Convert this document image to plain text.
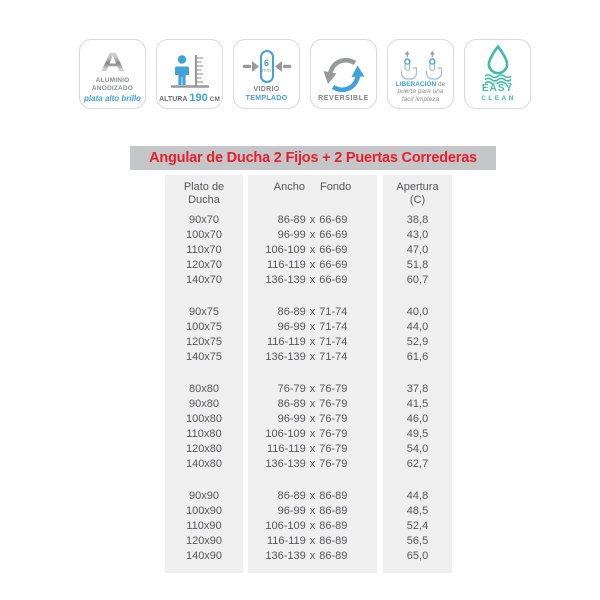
A
ALUMINIO
ANODIZADO
plata alto brillo	ALTURA 190 CM
6
mm
VIDRIO
TEMPLADO	REVERSIBLE
LIBERACIÓN de
puerta para una
fácil limpieza
EASY
CLEAN
Angular de Ducha 2 Fijos + 2 Puertas Correderas
Plato de
Ducha
Ancho Fondo	Apertura
(C)
90x70	86-89 x 66-69	38,8
100x70	96-99 x 66-69	43,0
110x70	106-109 x 66-69	47,0
120x70	116-119 x 66-69	51,8
140x70	136-139 x 66-69	60,7
90x75	86-89 x 71-74	40,0
100x75	96-99 x 71-74	44,0
120x75	116-119 x 71-74	52,9
140x75	136-139 x 71-74	61,6
80x80	76-79 x 76-79	37,8
90x80	86-89 x 76-79	41,5
100x80	96-99 x 76-79	46,0
110x80	106-109 x 76-79	49,5
120x80	116-119 x 76-79	54,0
140x80	136-139 x 76-79	62,7
90x90	86-89 x 86-89	44,8
100x90	96-99 x 86-89	48,5
110x90	106-109 x 86-89	52,4
120x90	116-119 x 86-89	56,5
140x90	136-139 x 86-89	65,0
